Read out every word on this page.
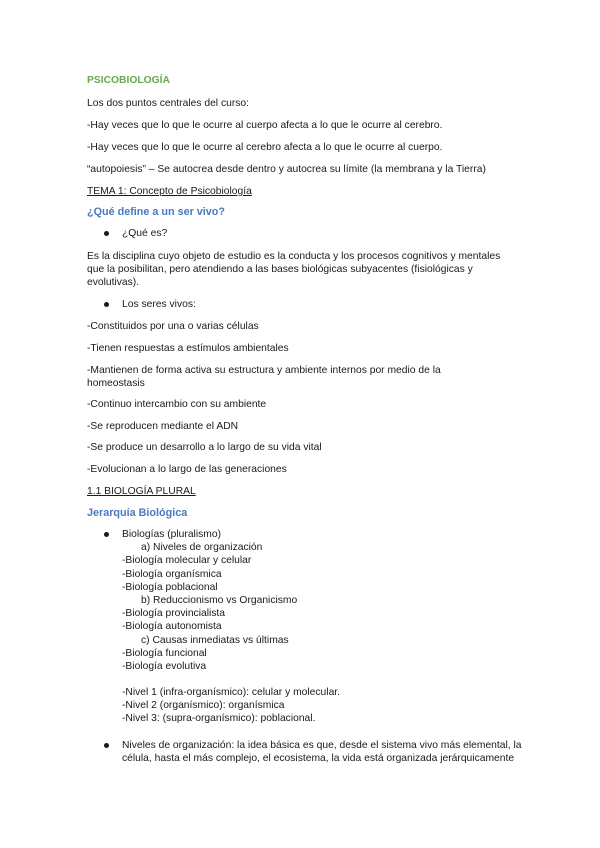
PSICOBIOLOGÍA
Los dos puntos centrales del curso:
-Hay veces que lo que le ocurre al cuerpo afecta a lo que le ocurre al cerebro.
-Hay veces que lo que le ocurre al cerebro afecta a lo que le ocurre al cuerpo.
“autopoiesis” – Se autocrea desde dentro y autocrea su límite (la membrana y la Tierra)
TEMA 1: Concepto de Psicobiología
¿Qué define a un ser vivo?
¿Qué es?
Es la disciplina cuyo objeto de estudio es la conducta y los procesos cognitivos y mentales
que la posibilitan, pero atendiendo a las bases biológicas subyacentes (fisiológicas y
evolutivas).
Los seres vivos:
-Constituidos por una o varias células
-Tienen respuestas a estímulos ambientales
-Mantienen de forma activa su estructura y ambiente internos por medio de la
homeostasis
-Continuo intercambio con su ambiente
-Se reproducen mediante el ADN
-Se produce un desarrollo a lo largo de su vida vital
-Evolucionan a lo largo de las generaciones
1.1 BIOLOGÍA PLURAL
Jerarquía Biológica
Biologías (pluralismo)
a) Niveles de organización
-Biología molecular y celular
-Biología organísmica
-Biología poblacional
b) Reduccionismo vs Organicismo
-Biología provincialista
-Biología autonomista
c) Causas inmediatas vs últimas
-Biología funcional
-Biología evolutiva
-Nivel 1 (infra-organísmico): celular y molecular.
-Nivel 2 (organísmico): organísmica
-Nivel 3: (supra-organísmico): poblacional.
Niveles de organización: la idea básica es que, desde el sistema vivo más elemental, la
célula, hasta el más complejo, el ecosistema, la vida está organizada jerárquicamente
